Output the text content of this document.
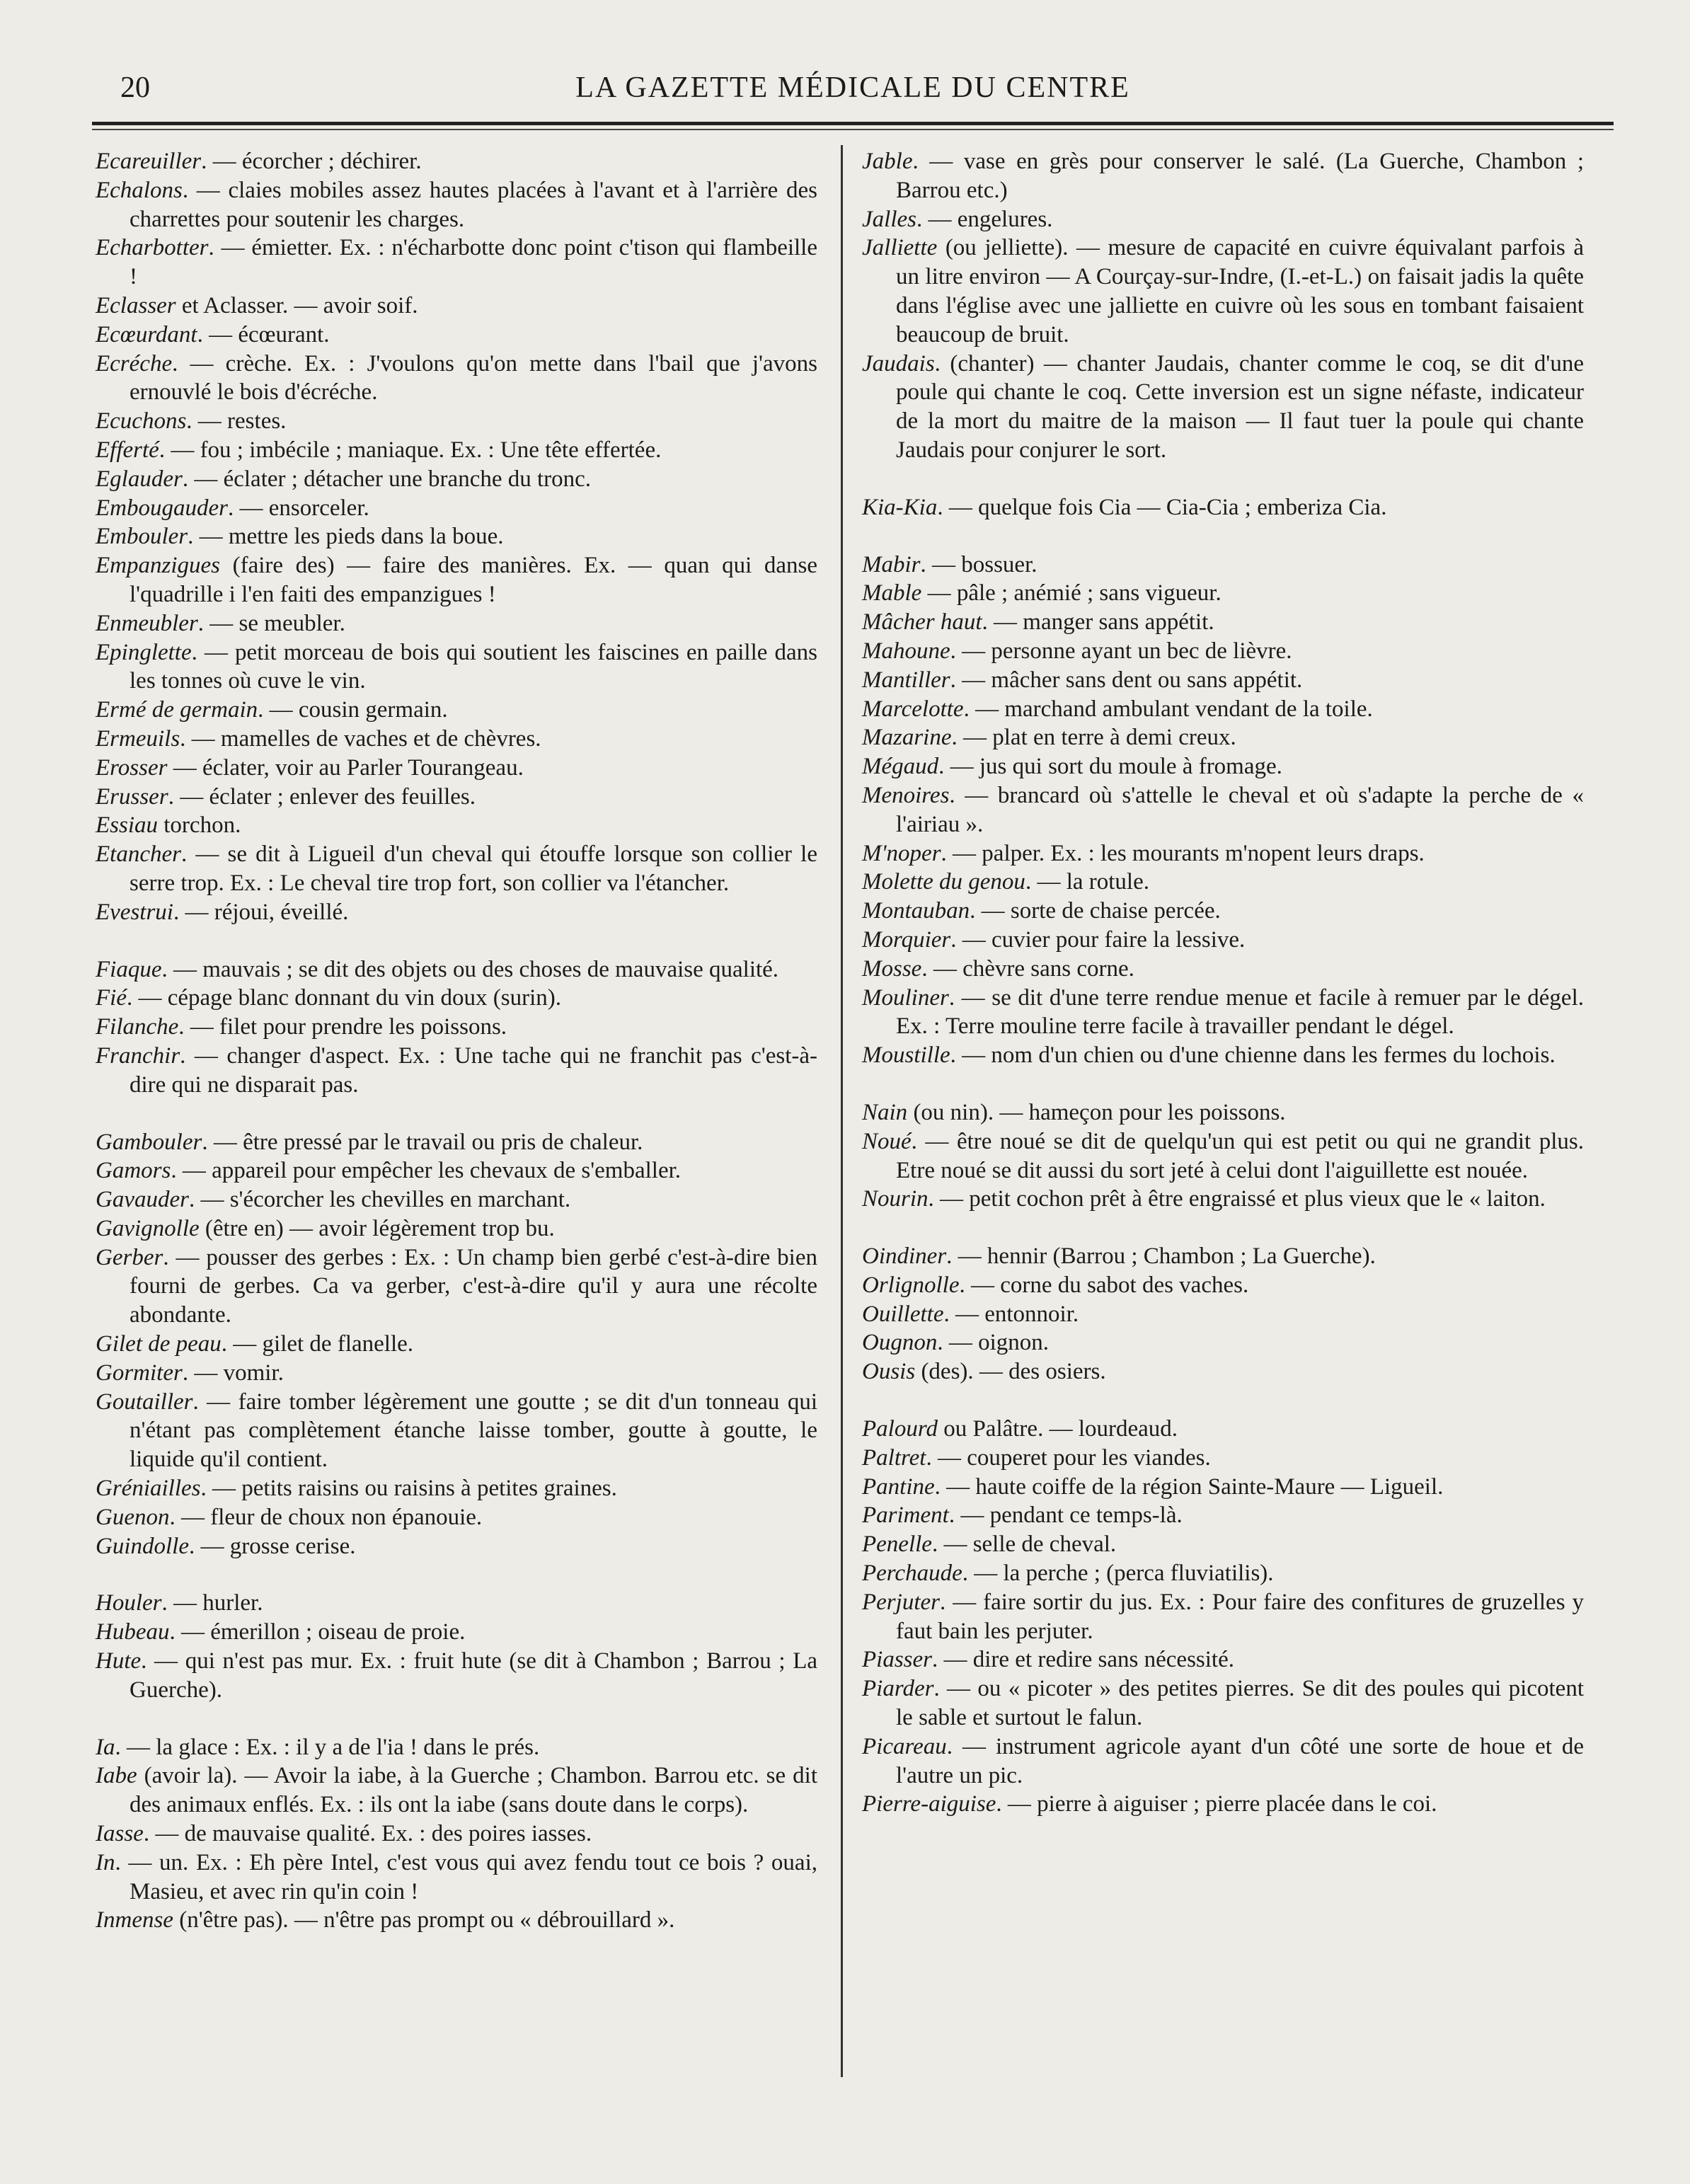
20	LA GAZETTE MÉDICALE DU CENTRE

Ecareuiller. — écorcher ; déchirer.

Echalons. — claies mobiles assez hautes placées à l'avant et à l'arrière des charrettes pour soutenir les charges.

Echarbotter. — émietter. Ex. : n'écharbotte donc point c'tison qui flambeille !

Eclasser et Aclasser. — avoir soif.

Ecœurdant. — écœurant.

Ecréche. — crèche. Ex. : J'voulons qu'on mette dans l'bail que j'avons ernouvlé le bois d'écréche.

Ecuchons. — restes.

Efferté. — fou ; imbécile ; maniaque. Ex. : Une tête effertée.

Eglauder. — éclater ; détacher une branche du tronc.

Embougauder. — ensorceler.

Embouler. — mettre les pieds dans la boue.

Empanzigues (faire des) — faire des manières. Ex. — quan qui danse l'quadrille i l'en faiti des empanzigues !

Enmeubler. — se meubler.

Epinglette. — petit morceau de bois qui soutient les faiscines en paille dans les tonnes où cuve le vin.

Ermé de germain. — cousin germain.

Ermeuils. — mamelles de vaches et de chèvres.

Erosser — éclater, voir au Parler Tourangeau.

Erusser. — éclater ; enlever des feuilles.

Essiau torchon.

Etancher. — se dit à Ligueil d'un cheval qui étouffe lorsque son collier le serre trop. Ex. : Le cheval tire trop fort, son collier va l'étancher.

Evestrui. — réjoui, éveillé.

Fiaque. — mauvais ; se dit des objets ou des choses de mauvaise qualité.

Fié. — cépage blanc donnant du vin doux (surin).

Filanche. — filet pour prendre les poissons.

Franchir. — changer d'aspect. Ex. : Une tache qui ne franchit pas c'est-à-dire qui ne disparait pas.

Gambouler. — être pressé par le travail ou pris de chaleur.

Gamors. — appareil pour empêcher les chevaux de s'emballer.

Gavauder. — s'écorcher les chevilles en marchant.

Gavignolle (être en) — avoir légèrement trop bu.

Gerber. — pousser des gerbes : Ex. : Un champ bien gerbé c'est-à-dire bien fourni de gerbes. Ca va gerber, c'est-à-dire qu'il y aura une récolte abondante.

Gilet de peau. — gilet de flanelle.

Gormiter. — vomir.

Goutailler. — faire tomber légèrement une goutte ; se dit d'un tonneau qui n'étant pas complètement étanche laisse tomber, goutte à goutte, le liquide qu'il contient.

Gréniailles. — petits raisins ou raisins à petites graines.

Guenon. — fleur de choux non épanouie.

Guindolle. — grosse cerise.

Houler. — hurler.

Hubeau. — émerillon ; oiseau de proie.

Hute. — qui n'est pas mur. Ex. : fruit hute (se dit à Chambon ; Barrou ; La Guerche).

Ia. — la glace : Ex. : il y a de l'ia ! dans le prés.

Iabe (avoir la). — Avoir la iabe, à la Guerche ; Chambon. Barrou etc. se dit des animaux enflés. Ex. : ils ont la iabe (sans doute dans le corps).

Iasse. — de mauvaise qualité. Ex. : des poires iasses.

In. — un. Ex. : Eh père Intel, c'est vous qui avez fendu tout ce bois ? ouai, Masieu, et avec rin qu'in coin !

Inmense (n'être pas). — n'être pas prompt ou « débrouillard ».

Jable. — vase en grès pour conserver le salé. (La Guerche, Chambon ; Barrou etc.)

Jalles. — engelures.

Jalliette (ou jelliette). — mesure de capacité en cuivre équivalant parfois à un litre environ — A Courçay-sur-Indre, (I.-et-L.) on faisait jadis la quête dans l'église avec une jalliette en cuivre où les sous en tombant faisaient beaucoup de bruit.

Jaudais. (chanter) — chanter Jaudais, chanter comme le coq, se dit d'une poule qui chante le coq. Cette inversion est un signe néfaste, indicateur de la mort du maitre de la maison — Il faut tuer la poule qui chante Jaudais pour conjurer le sort.

Kia-Kia. — quelque fois Cia — Cia-Cia ; emberiza Cia.

Mabir. — bossuer.

Mable — pâle ; anémié ; sans vigueur.

Mâcher haut. — manger sans appétit.

Mahoune. — personne ayant un bec de lièvre.

Mantiller. — mâcher sans dent ou sans appétit.

Marcelotte. — marchand ambulant vendant de la toile.

Mazarine. — plat en terre à demi creux.

Mégaud. — jus qui sort du moule à fromage.

Menoires. — brancard où s'attelle le cheval et où s'adapte la perche de « l'airiau ».

M'noper. — palper. Ex. : les mourants m'nopent leurs draps.

Molette du genou. — la rotule.

Montauban. — sorte de chaise percée.

Morquier. — cuvier pour faire la lessive.

Mosse. — chèvre sans corne.

Mouliner. — se dit d'une terre rendue menue et facile à remuer par le dégel. Ex. : Terre mouline terre facile à travailler pendant le dégel.

Moustille. — nom d'un chien ou d'une chienne dans les fermes du lochois.

Nain (ou nin). — hameçon pour les poissons.

Noué. — être noué se dit de quelqu'un qui est petit ou qui ne grandit plus. Etre noué se dit aussi du sort jeté à celui dont l'aiguillette est nouée.

Nourin. — petit cochon prêt à être engraissé et plus vieux que le « laiton.

Oindiner. — hennir (Barrou ; Chambon ; La Guerche).

Orlignolle. — corne du sabot des vaches.

Ouillette. — entonnoir.

Ougnon. — oignon.

Ousis (des). — des osiers.

Palourd ou Palâtre. — lourdeaud.

Paltret. — couperet pour les viandes.

Pantine. — haute coiffe de la région Sainte-Maure — Ligueil.

Pariment. — pendant ce temps-là.

Penelle. — selle de cheval.

Perchaude. — la perche ; (perca fluviatilis).

Perjuter. — faire sortir du jus. Ex. : Pour faire des confitures de gruzelles y faut bain les perjuter.

Piasser. — dire et redire sans nécessité.

Piarder. — ou « picoter » des petites pierres. Se dit des poules qui picotent le sable et surtout le falun.

Picareau. — instrument agricole ayant d'un côté une sorte de houe et de l'autre un pic.

Pierre-aiguise. — pierre à aiguiser ; pierre placée dans le coi.
